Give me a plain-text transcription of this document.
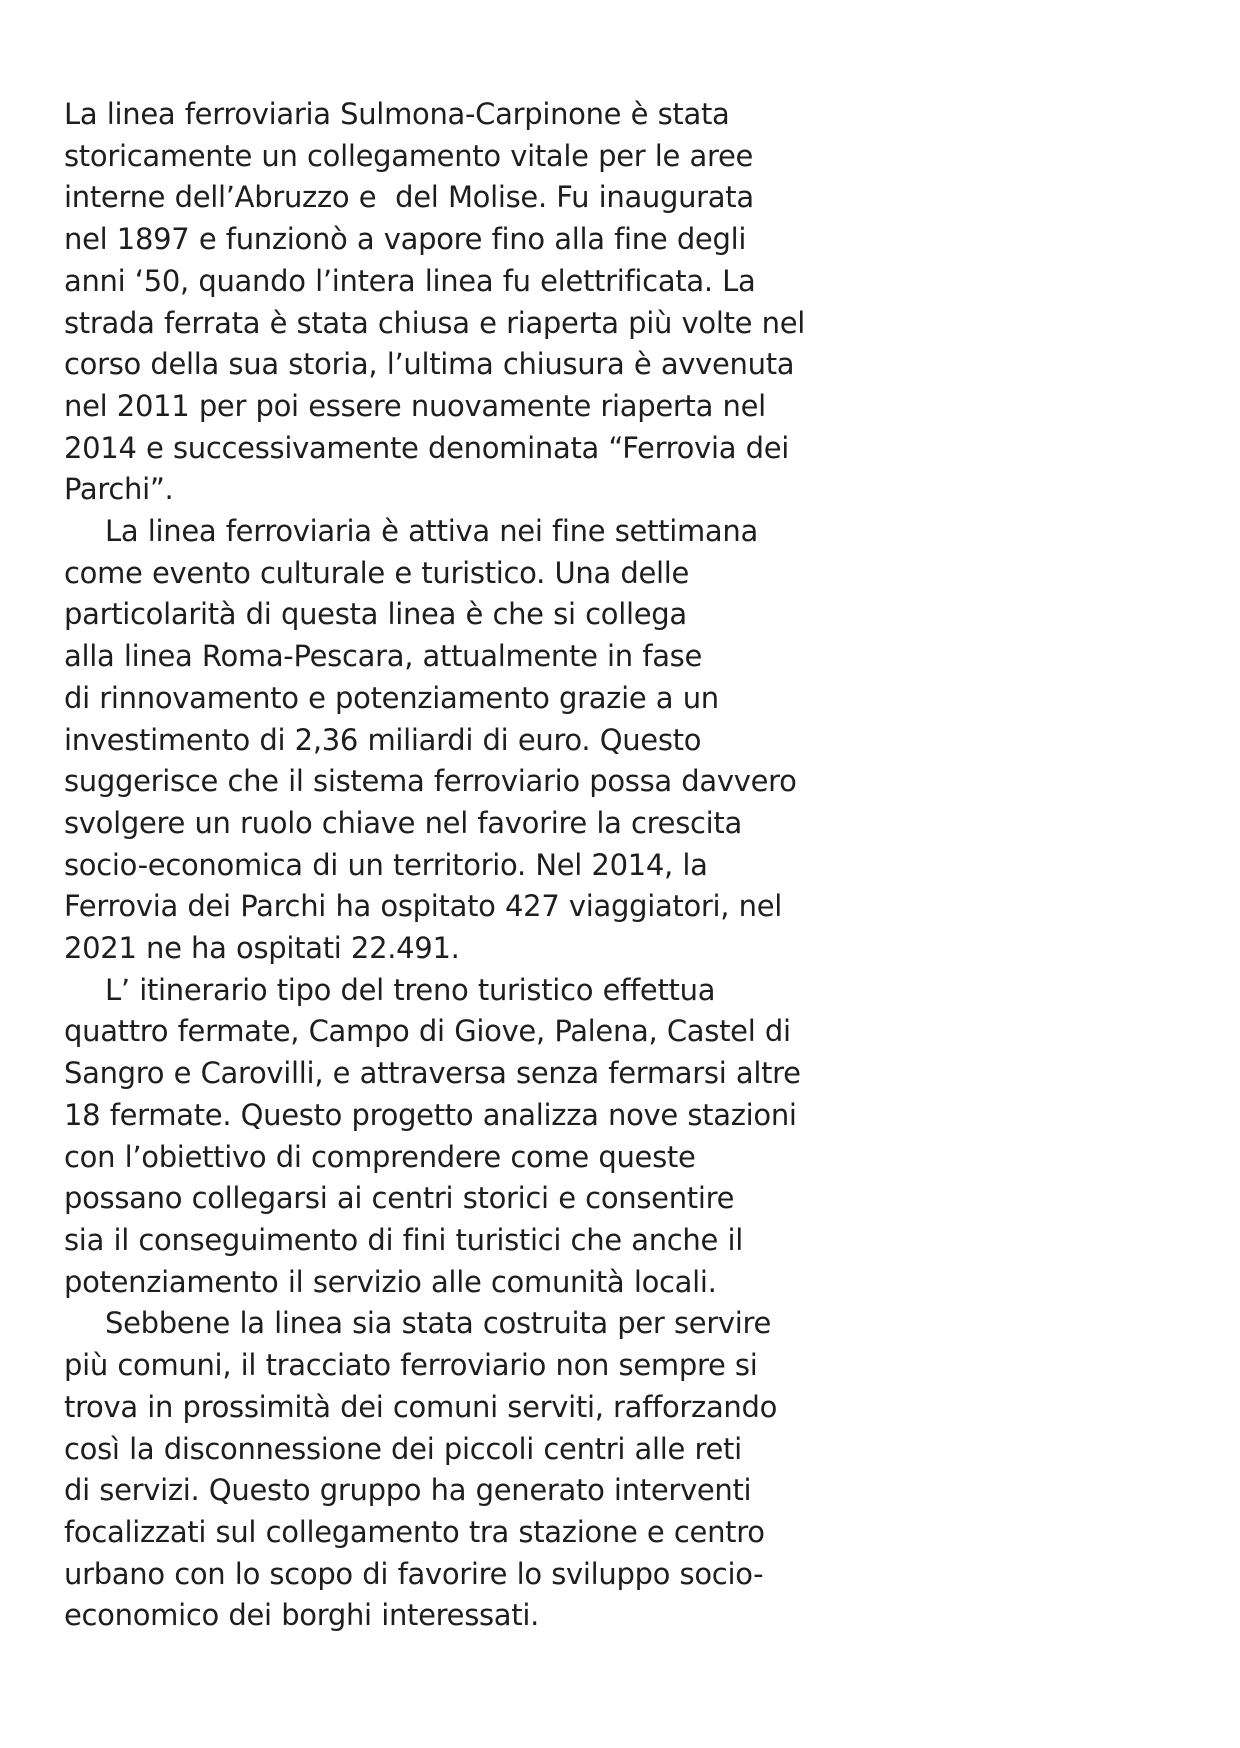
La linea ferroviaria Sulmona-Carpinone è stata
storicamente un collegamento vitale per le aree
interne dell’Abruzzo e  del Molise. Fu inaugurata
nel 1897 e funzionò a vapore fino alla fine degli
anni ‘50, quando l’intera linea fu elettrificata. La
strada ferrata è stata chiusa e riaperta più volte nel
corso della sua storia, l’ultima chiusura è avvenuta
nel 2011 per poi essere nuovamente riaperta nel
2014 e successivamente denominata “Ferrovia dei
Parchi”.
La linea ferroviaria è attiva nei fine settimana
come evento culturale e turistico. Una delle
particolarità di questa linea è che si collega
alla linea Roma-Pescara, attualmente in fase
di rinnovamento e potenziamento grazie a un
investimento di 2,36 miliardi di euro. Questo
suggerisce che il sistema ferroviario possa davvero
svolgere un ruolo chiave nel favorire la crescita
socio-economica di un territorio. Nel 2014, la
Ferrovia dei Parchi ha ospitato 427 viaggiatori, nel
2021 ne ha ospitati 22.491.
L’ itinerario tipo del treno turistico effettua
quattro fermate, Campo di Giove, Palena, Castel di
Sangro e Carovilli, e attraversa senza fermarsi altre
18 fermate. Questo progetto analizza nove stazioni
con l’obiettivo di comprendere come queste
possano collegarsi ai centri storici e consentire
sia il conseguimento di fini turistici che anche il
potenziamento il servizio alle comunità locali.
Sebbene la linea sia stata costruita per servire
più comuni, il tracciato ferroviario non sempre si
trova in prossimità dei comuni serviti, rafforzando
così la disconnessione dei piccoli centri alle reti
di servizi. Questo gruppo ha generato interventi
focalizzati sul collegamento tra stazione e centro
urbano con lo scopo di favorire lo sviluppo socio-
economico dei borghi interessati.
